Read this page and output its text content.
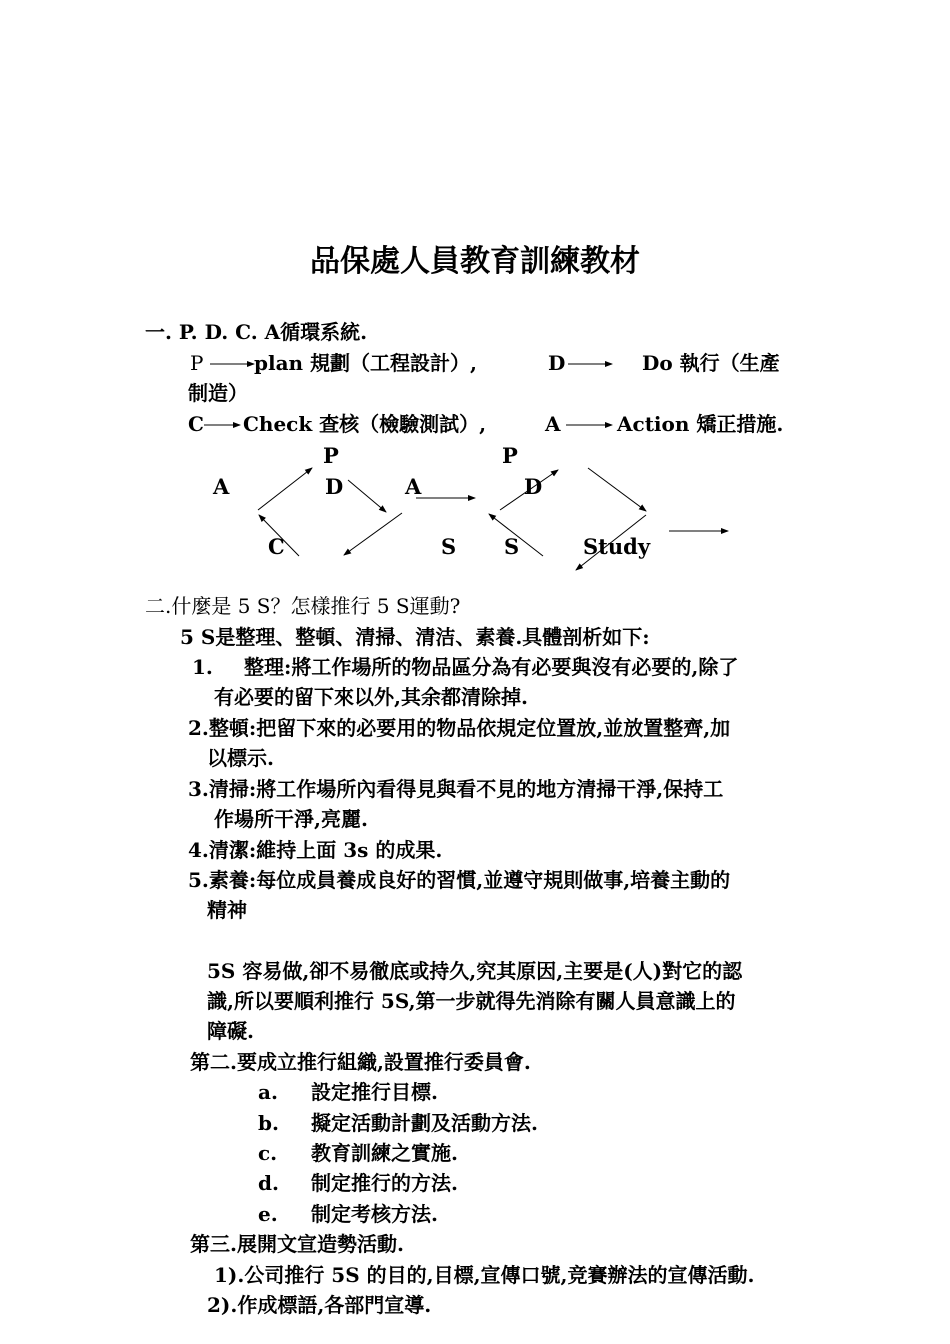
品保處人員教育訓練教材
一. P. D. C. A循環系統.
P	plan 規劃（工程設計）,	D	Do 執行（生產
制造）
C Check 查核（檢驗測試）,	A	Action 矯正措施.
P
A	D
C
P
A	D
S S	Study
二.什麼是 5 S？怎樣推行 5 S運動?
5 S是整理、整頓、清掃、清洁、素養.具體剖析如下:
1. 整理:將工作場所的物品區分為有必要與沒有必要的,除了
有必要的留下來以外,其余都清除掉.
2.整頓:把留下來的必要用的物品依規定位置放,並放置整齊,加
以標示.
3.清掃:將工作場所內看得見與看不見的地方清掃干淨,保持工
作場所干淨,亮麗.
4.清潔:維持上面 3s 的成果.
5.素養:每位成員養成良好的習慣,並遵守規則做事,培養主動的
精神
5S 容易做,卻不易徹底或持久,究其原因,主要是(人)對它的認
識,所以要順利推行 5S,第一步就得先消除有關人員意識上的
障礙.
第二.要成立推行組織,設置推行委員會.
a. 設定推行目標.
b. 擬定活動計劃及活動方法.
c. 教育訓練之實施.
d. 制定推行的方法.
e. 制定考核方法.
第三.展開文宣造勢活動.
1).公司推行 5S 的目的,目標,宣傳口號,竞賽辦法的宣傳活動.
2).作成標語,各部門宣導.
